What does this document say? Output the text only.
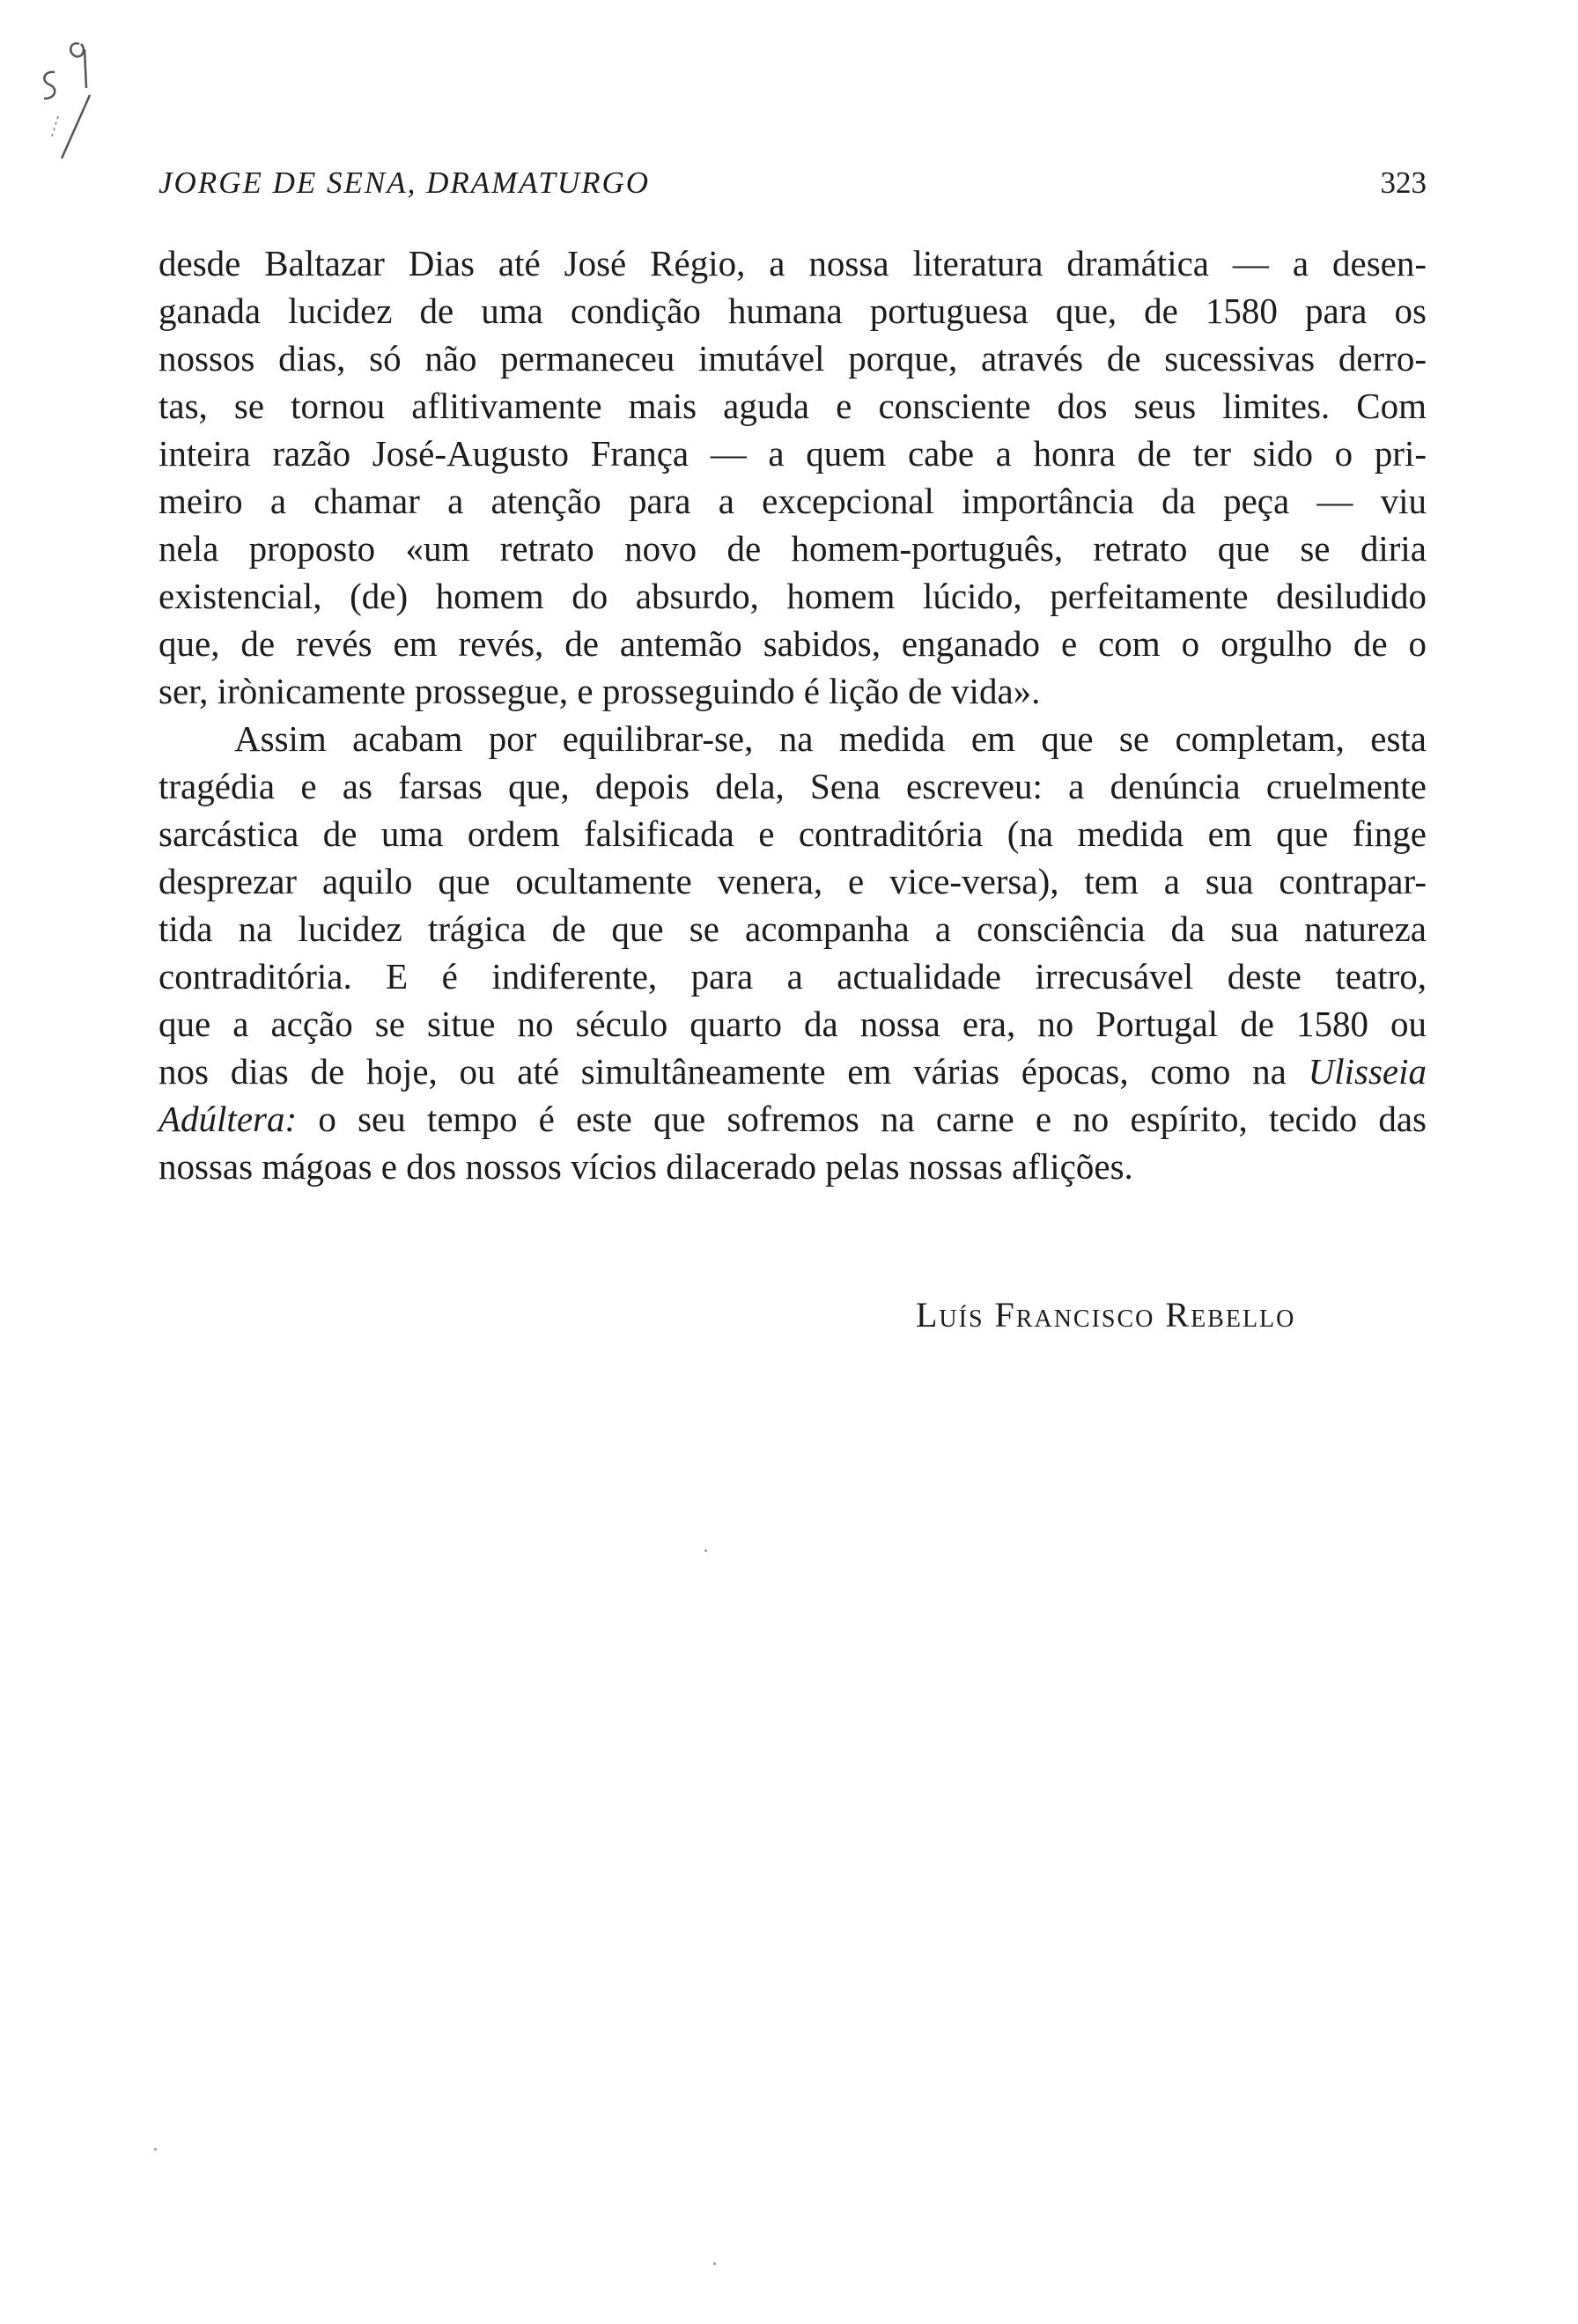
JORGE DE SENA, DRAMATURGO	323
desde Baltazar Dias até José Régio, a nossa literatura dramática — a desen-
ganada lucidez de uma condição humana portuguesa que, de 1580 para os
nossos dias, só não permaneceu imutável porque, através de sucessivas derro-
tas, se tornou aflitivamente mais aguda e consciente dos seus limites. Com
inteira razão José-Augusto França — a quem cabe a honra de ter sido o pri-
meiro a chamar a atenção para a excepcional importância da peça — viu
nela proposto «um retrato novo de homem-português, retrato que se diria
existencial, (de) homem do absurdo, homem lúcido, perfeitamente desiludido
que, de revés em revés, de antemão sabidos, enganado e com o orgulho de o
ser, irònicamente prossegue, e prosseguindo é lição de vida».
Assim acabam por equilibrar-se, na medida em que se completam, esta
tragédia e as farsas que, depois dela, Sena escreveu: a denúncia cruelmente
sarcástica de uma ordem falsificada e contraditória (na medida em que finge
desprezar aquilo que ocultamente venera, e vice-versa), tem a sua contrapar-
tida na lucidez trágica de que se acompanha a consciência da sua natureza
contraditória. E é indiferente, para a actualidade irrecusável deste teatro,
que a acção se situe no século quarto da nossa era, no Portugal de 1580 ou
nos dias de hoje, ou até simultâneamente em várias épocas, como na Ulisseia
Adúltera: o seu tempo é este que sofremos na carne e no espírito, tecido das
nossas mágoas e dos nossos vícios dilacerado pelas nossas aflições.
Luís Francisco Rebello
